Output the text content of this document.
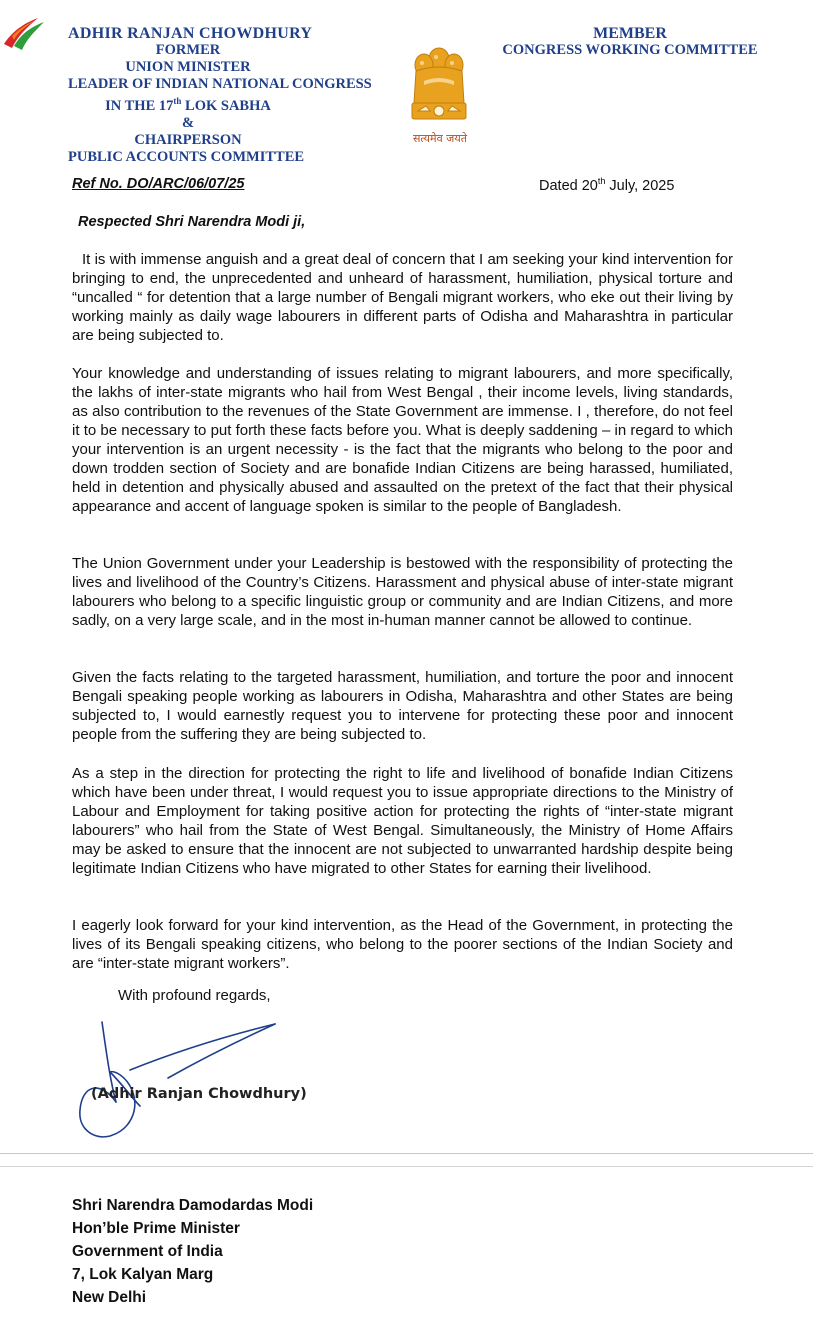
ADHIR RANJAN CHOWDHURY
FORMER
UNION MINISTER
LEADER OF INDIAN NATIONAL CONGRESS
IN THE 17th LOK SABHA
&
CHAIRPERSON
PUBLIC ACCOUNTS COMMITTEE
सत्यमेव जयते
MEMBER
CONGRESS WORKING COMMITTEE
Ref No. DO/ARC/06/07/25	Dated 20th July, 2025
Respected Shri Narendra Modi ji,
It is with immense anguish and a great deal of concern that I am seeking your kind intervention for bringing to end, the unprecedented and unheard of harassment, humiliation, physical torture and “uncalled “ for detention that a large number of Bengali migrant workers, who eke out their living by working mainly as daily wage labourers in different parts of Odisha and Maharashtra in particular are being subjected to.
Your knowledge and understanding of issues relating to migrant labourers, and more specifically, the lakhs of inter-state migrants who hail from West Bengal , their income levels, living standards, as also contribution to the revenues of the State Government are immense. I , therefore, do not feel it to be necessary to put forth these facts before you. What is deeply saddening – in regard to which your intervention is an urgent necessity - is the fact that the migrants who belong to the poor and down trodden section of Society and are bonafide Indian Citizens are being harassed, humiliated, held in detention and physically abused and assaulted on the pretext of the fact that their physical appearance and accent of language spoken is similar to the people of Bangladesh.
The Union Government under your Leadership is bestowed with the responsibility of protecting the lives and livelihood of the Country’s Citizens. Harassment and physical abuse of inter-state migrant labourers who belong to a specific linguistic group or community and are Indian Citizens, and more sadly, on a very large scale, and in the most in-human manner cannot be allowed to continue.
Given the facts relating to the targeted harassment, humiliation, and torture the poor and innocent Bengali speaking people working as labourers in Odisha, Maharashtra and other States are being subjected to, I would earnestly request you to intervene for protecting these poor and innocent people from the suffering they are being subjected to.
As a step in the direction for protecting the right to life and livelihood of bonafide Indian Citizens which have been under threat, I would request you to issue appropriate directions to the Ministry of Labour and Employment for taking positive action for protecting the rights of “inter-state migrant labourers” who hail from the State of West Bengal. Simultaneously, the Ministry of Home Affairs may be asked to ensure that the innocent are not subjected to unwarranted hardship despite being legitimate Indian Citizens who have migrated to other States for earning their livelihood.
I eagerly look forward for your kind intervention, as the Head of the Government, in protecting the lives of its Bengali speaking citizens, who belong to the poorer sections of the Indian Society and are “inter-state migrant workers”.
With profound regards,
(Adhir Ranjan Chowdhury)
Shri Narendra Damodardas Modi
Hon’ble Prime Minister
Government of India
7, Lok Kalyan Marg
New Delhi
